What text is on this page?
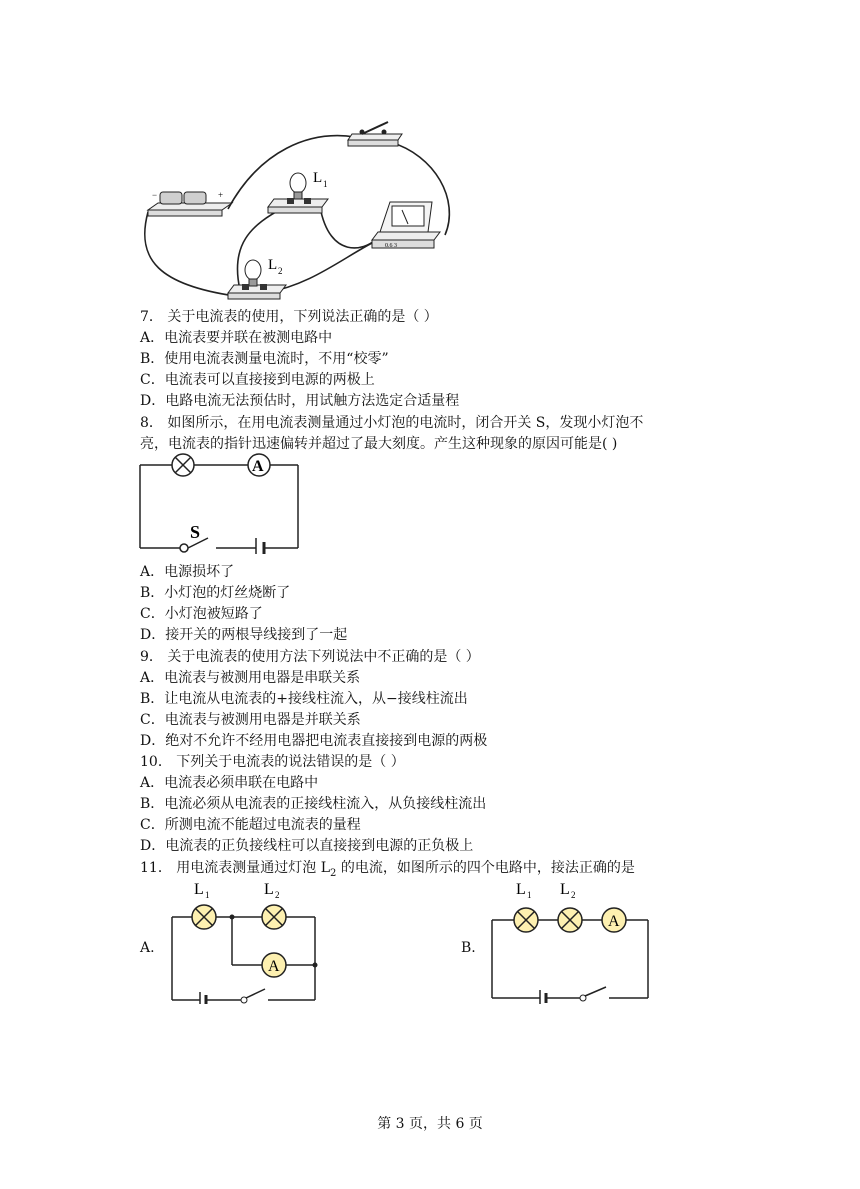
−	+
L 1
0.6 3
L 2
7． 关于电流表的使用，下列说法正确的是（ ）
A．电流表要并联在被测电路中
B．使用电流表测量电流时，不用“校零”
C．电流表可以直接接到电源的两极上
D．电路电流无法预估时，用试触方法选定合适量程
8． 如图所示，在用电流表测量通过小灯泡的电流时，闭合开关 S，发现小灯泡不
亮，电流表的指针迅速偏转并超过了最大刻度。产生这种现象的原因可能是( )
A
S
A．电源损坏了
B．小灯泡的灯丝烧断了
C．小灯泡被短路了
D．接开关的两根导线接到了一起
9． 关于电流表的使用方法下列说法中不正确的是（ ）
A．电流表与被测用电器是串联关系
B．让电流从电流表的+接线柱流入，从−接线柱流出
C．电流表与被测用电器是并联关系
D．绝对不允许不经用电器把电流表直接接到电源的两极
10． 下列关于电流表的说法错误的是（ ）
A．电流表必须串联在电路中
B．电流必须从电流表的正接线柱流入，从负接线柱流出
C．所测电流不能超过电流表的量程
D．电流表的正负接线柱可以直接接到电源的正负极上
11． 用电流表测量通过灯泡 $L_2$ 的电流，如图所示的四个电路中，接法正确的是
A.
L 1	L 2
A
B.
L 1 L 2
A
第 3 页，共 6 页
